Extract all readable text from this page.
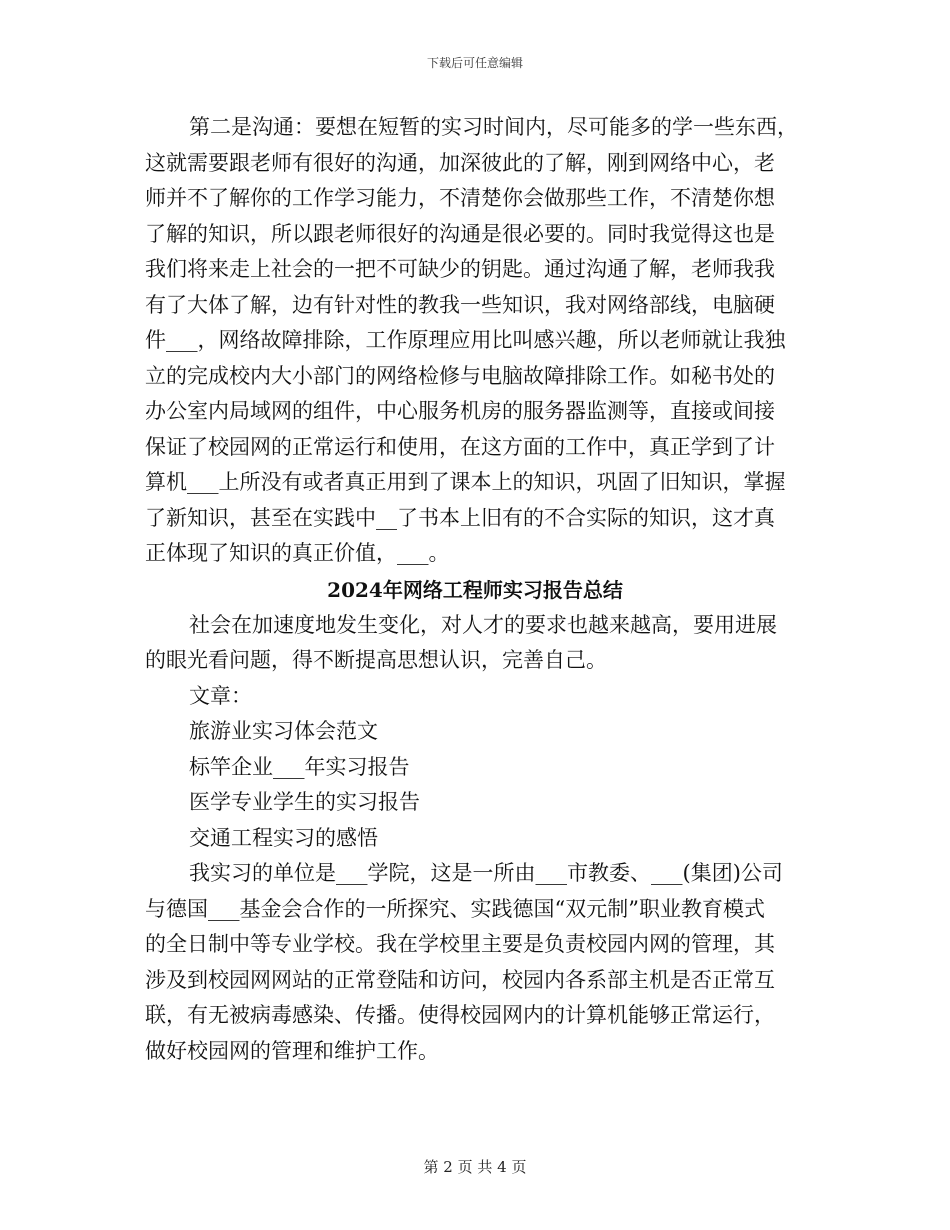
下载后可任意编辑

第二是沟通：要想在短暂的实习时间内，尽可能多的学一些东西，

这就需要跟老师有很好的沟通，加深彼此的了解，刚到网络中心，老

师并不了解你的工作学习能力，不清楚你会做那些工作，不清楚你想

了解的知识，所以跟老师很好的沟通是很必要的。同时我觉得这也是

我们将来走上社会的一把不可缺少的钥匙。通过沟通了解，老师我我

有了大体了解，边有针对性的教我一些知识，我对网络部线，电脑硬

件___，网络故障排除，工作原理应用比叫感兴趣，所以老师就让我独

立的完成校内大小部门的网络检修与电脑故障排除工作。如秘书处的

办公室内局域网的组件，中心服务机房的服务器监测等，直接或间接

保证了校园网的正常运行和使用，在这方面的工作中，真正学到了计

算机___上所没有或者真正用到了课本上的知识，巩固了旧知识，掌握

了新知识，甚至在实践中__了书本上旧有的不合实际的知识，这才真

正体现了知识的真正价值，___。

2024年网络工程师实习报告总结

社会在加速度地发生变化，对人才的要求也越来越高，要用进展

的眼光看问题，得不断提高思想认识，完善自己。

文章：

旅游业实习体会范文

标竿企业___年实习报告

医学专业学生的实习报告

交通工程实习的感悟

我实习的单位是___学院，这是一所由___市教委、___(集团)公司

与德国___基金会合作的一所探究、实践德国“双元制”职业教育模式

的全日制中等专业学校。我在学校里主要是负责校园内网的管理，其

涉及到校园网网站的正常登陆和访问，校园内各系部主机是否正常互

联，有无被病毒感染、传播。使得校园网内的计算机能够正常运行，

做好校园网的管理和维护工作。

第 2 页 共 4 页
